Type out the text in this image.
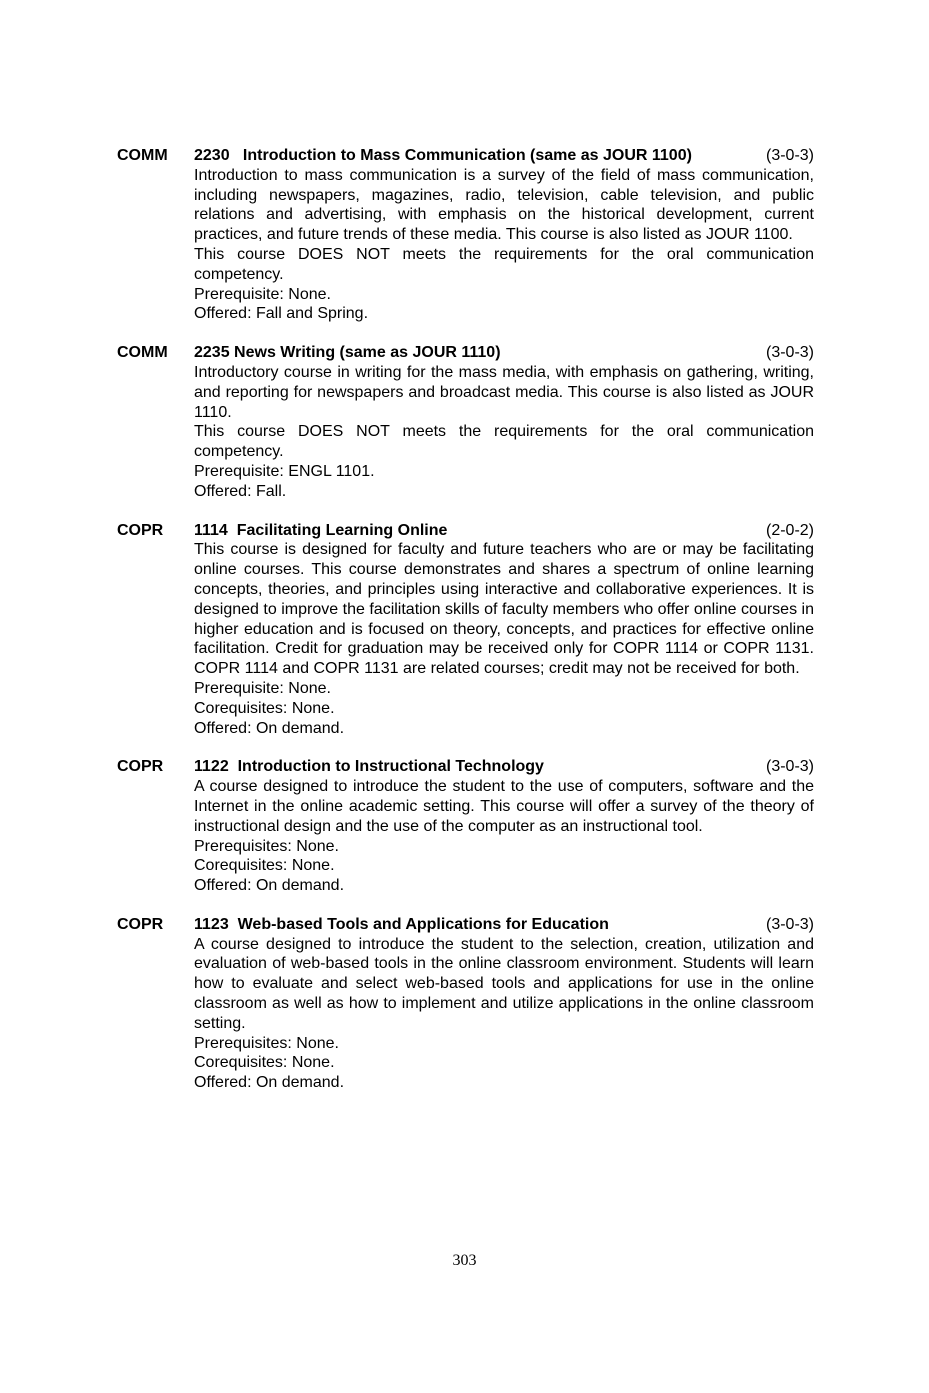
COMM	2230   Introduction to Mass Communication (same as JOUR 1100)	(3-0-3)

Introduction to mass communication is a survey of the field of mass communication, including newspapers, magazines, radio, television, cable television, and public relations and advertising, with emphasis on the historical development, current practices, and future trends of these media. This course is also listed as JOUR 1100.

This course DOES NOT meets the requirements for the oral communication competency.

Prerequisite: None.

Offered: Fall and Spring.

COMM	2235 News Writing (same as JOUR 1110)	(3-0-3)

Introductory course in writing for the mass media, with emphasis on gathering, writing, and reporting for newspapers and broadcast media. This course is also listed as JOUR 1110.

This course DOES NOT meets the requirements for the oral communication competency.

Prerequisite: ENGL 1101.

Offered: Fall.

COPR	1114  Facilitating Learning Online	(2-0-2)

This course is designed for faculty and future teachers who are or may be facilitating online courses. This course demonstrates and shares a spectrum of online learning concepts, theories, and principles using interactive and collaborative experiences. It is designed to improve the facilitation skills of faculty members who offer online courses in higher education and is focused on theory, concepts, and practices for effective online facilitation. Credit for graduation may be received only for COPR 1114 or COPR 1131. COPR 1114 and COPR 1131 are related courses; credit may not be received for both.

Prerequisite: None.

Corequisites: None.

Offered: On demand.

COPR	1122  Introduction to Instructional Technology	(3-0-3)

A course designed to introduce the student to the use of computers, software and the Internet in the online academic setting. This course will offer a survey of the theory of instructional design and the use of the computer as an instructional tool.

Prerequisites: None.

Corequisites: None.

Offered: On demand.

COPR	1123  Web-based Tools and Applications for Education	(3-0-3)

A course designed to introduce the student to the selection, creation, utilization and evaluation of web-based tools in the online classroom environment. Students will learn how to evaluate and select web-based tools and applications for use in the online classroom as well as how to implement and utilize applications in the online classroom setting.

Prerequisites: None.

Corequisites: None.

Offered: On demand.

303
